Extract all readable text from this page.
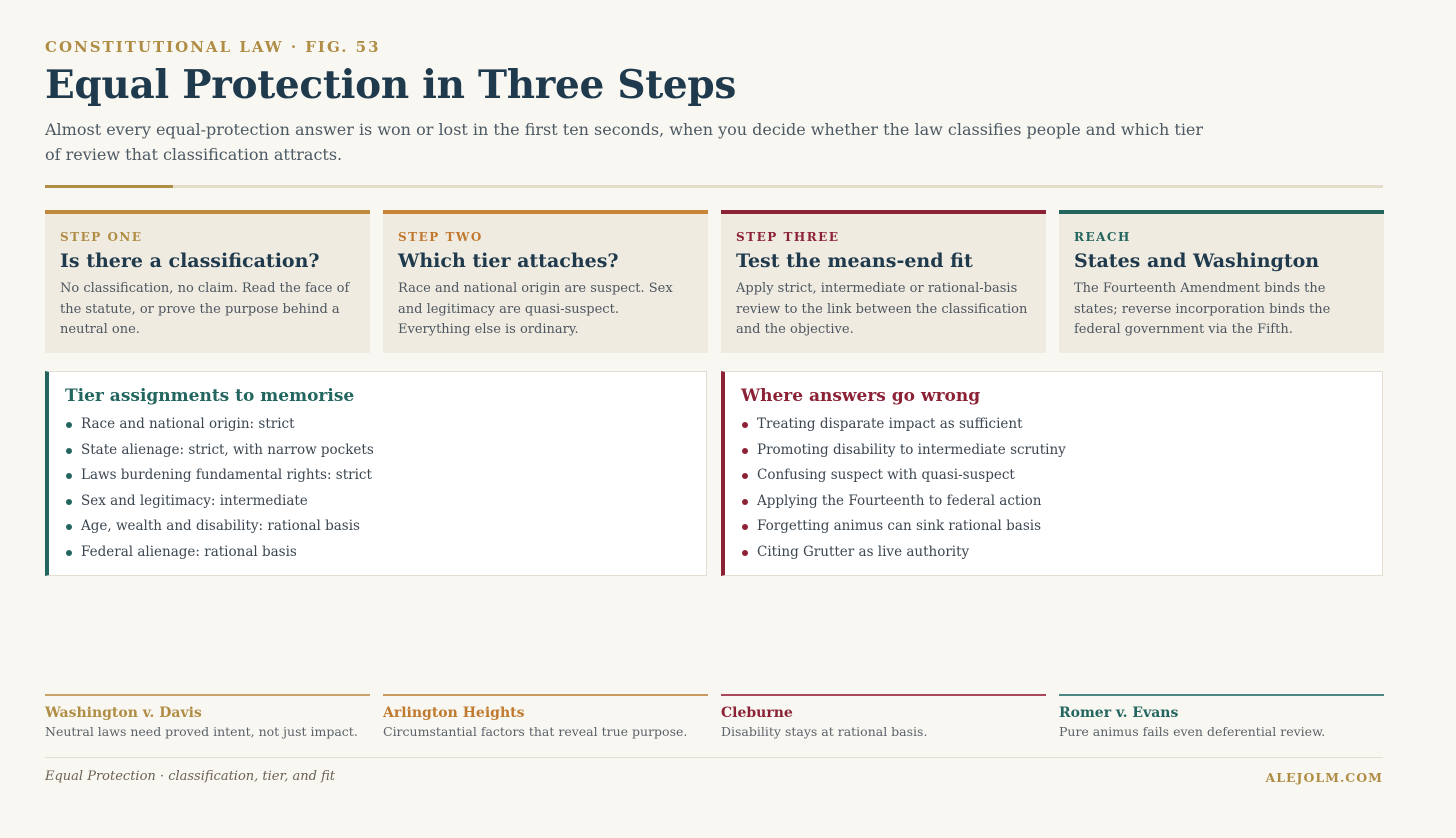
CONSTITUTIONAL LAW · FIG. 53
Equal Protection in Three Steps

Almost every equal-protection answer is won or lost in the first ten seconds, when you decide whether the law classifies people and which tier of review that classification attracts.

STEP ONE
Is there a classification?
No classification, no claim. Read the face of the statute, or prove the purpose behind a neutral one.
STEP TWO
Which tier attaches?
Race and national origin are suspect. Sex and legitimacy are quasi-suspect. Everything else is ordinary.
STEP THREE
Test the means-end fit
Apply strict, intermediate or rational-basis review to the link between the classification and the objective.
REACH
States and Washington
The Fourteenth Amendment binds the states; reverse incorporation binds the federal government via the Fifth.
Tier assignments to memorise
Race and national origin: strict
State alienage: strict, with narrow pockets
Laws burdening fundamental rights: strict
Sex and legitimacy: intermediate
Age, wealth and disability: rational basis
Federal alienage: rational basis
Where answers go wrong
Treating disparate impact as sufficient
Promoting disability to intermediate scrutiny
Confusing suspect with quasi-suspect
Applying the Fourteenth to federal action
Forgetting animus can sink rational basis
Citing Grutter as live authority
Washington v. Davis
Neutral laws need proved intent, not just impact.
Arlington Heights
Circumstantial factors that reveal true purpose.
Cleburne
Disability stays at rational basis.
Romer v. Evans
Pure animus fails even deferential review.
Equal Protection · classification, tier, and fit	ALEJOLM.COM
